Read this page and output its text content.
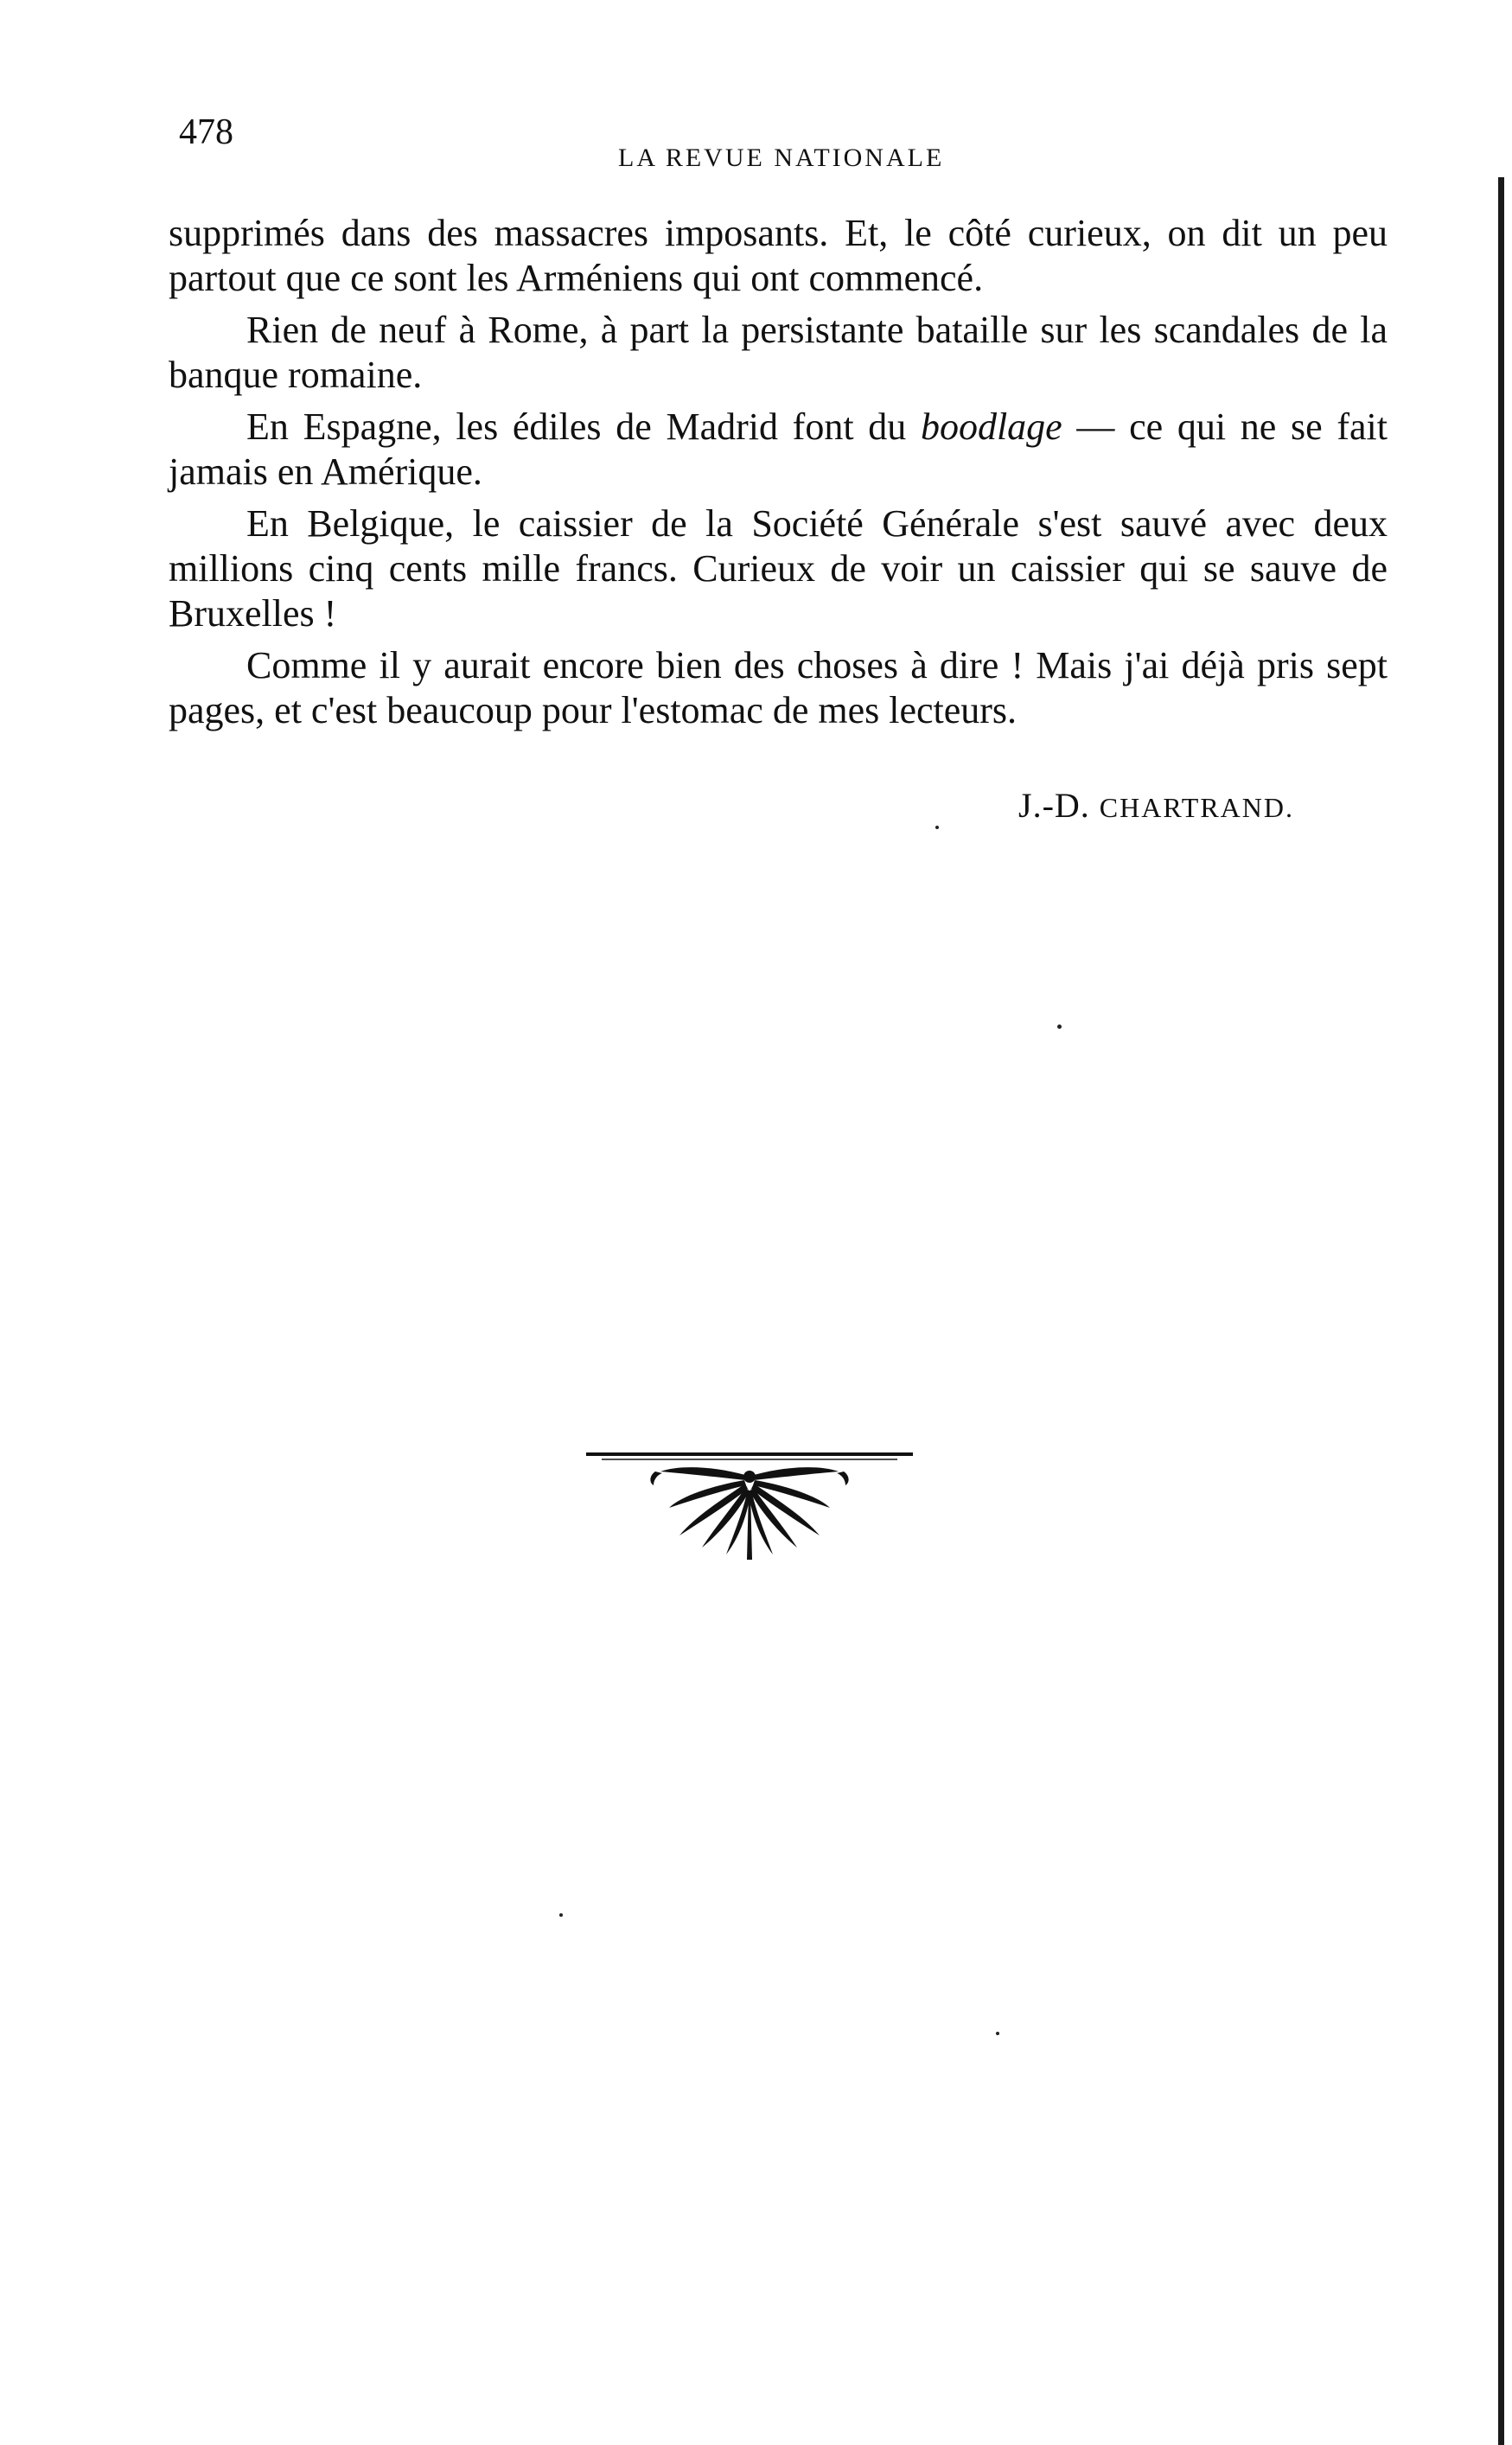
478
LA REVUE NATIONALE

supprimés dans des massacres imposants. Et, le côté curieux, on dit un peu partout que ce sont les Arméniens qui ont commencé.

Rien de neuf à Rome, à part la persistante bataille sur les scandales de la banque romaine.

En Espagne, les édiles de Madrid font du boodlage — ce qui ne se fait jamais en Amérique.

En Belgique, le caissier de la Société Générale s'est sauvé avec deux millions cinq cents mille francs. Curieux de voir un caissier qui se sauve de Bruxelles !

Comme il y aurait encore bien des choses à dire ! Mais j'ai déjà pris sept pages, et c'est beaucoup pour l'estomac de mes lecteurs.

J.-D. CHARTRAND.
